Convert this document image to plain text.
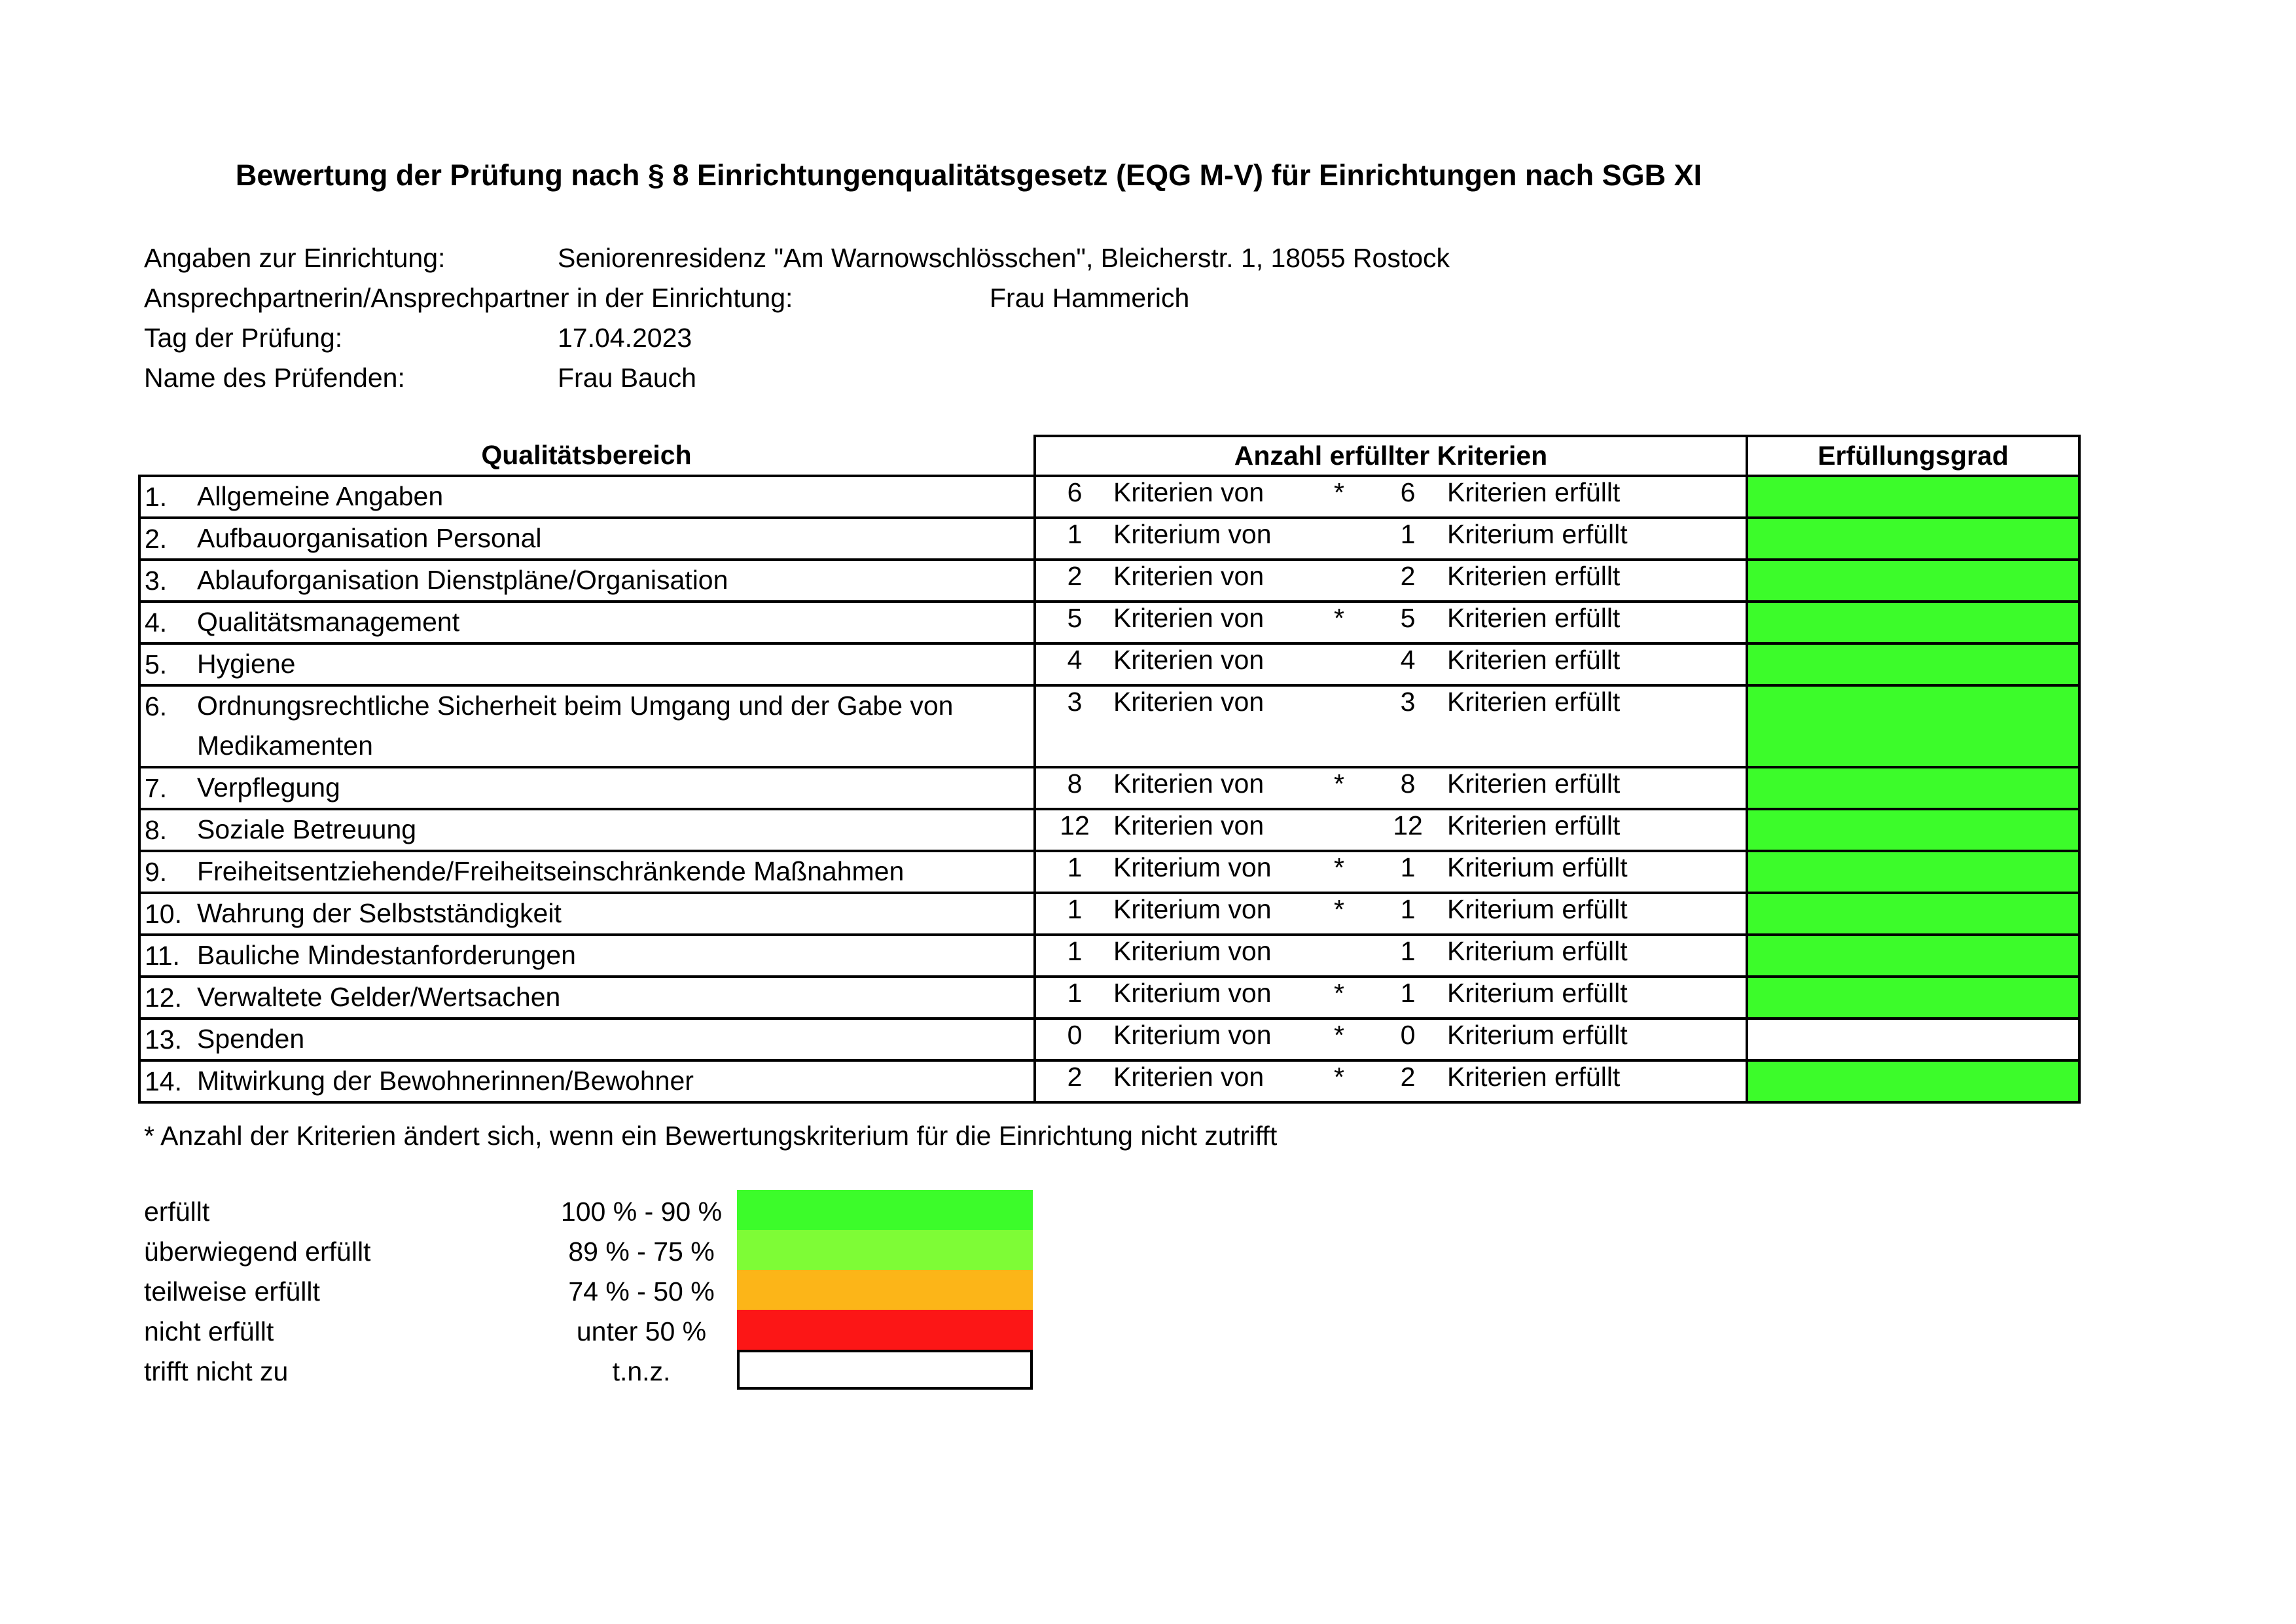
Bewertung der Prüfung nach § 8 Einrichtungenqualitätsgesetz (EQG M-V) für Einrichtungen nach SGB XI
Angaben zur Einrichtung:	Seniorenresidenz "Am Warnowschlösschen", Bleicherstr. 1, 18055 Rostock
Ansprechpartnerin/Ansprechpartner in der Einrichtung:	Frau Hammerich
Tag der Prüfung:	17.04.2023
Name des Prüfenden:	Frau Bauch
Qualitätsbereich	Anzahl erfüllter Kriterien					Erfüllungsgrad

1. Allgemeine Angaben	6	Kriterien von	*	6	Kriterien erfüllt	

2. Aufbauorganisation Personal	1	Kriterium von		1	Kriterium erfüllt	

3. Ablauforganisation Dienstpläne/Organisation	2	Kriterien von		2	Kriterien erfüllt	

4. Qualitätsmanagement	5	Kriterien von	*	5	Kriterien erfüllt	

5. Hygiene	4	Kriterien von		4	Kriterien erfüllt	

6. Ordnungsrechtliche Sicherheit beim Umgang und der Gabe von Medikamenten	3	Kriterien von		3	Kriterien erfüllt	

7. Verpflegung	8	Kriterien von	*	8	Kriterien erfüllt	

8. Soziale Betreuung	12	Kriterien von		12	Kriterien erfüllt	

9. Freiheitsentziehende/Freiheitseinschränkende Maßnahmen	1	Kriterium von	*	1	Kriterium erfüllt	

10. Wahrung der Selbstständigkeit	1	Kriterium von	*	1	Kriterium erfüllt	

11. Bauliche Mindestanforderungen	1	Kriterium von		1	Kriterium erfüllt	

12. Verwaltete Gelder/Wertsachen	1	Kriterium von	*	1	Kriterium erfüllt	

13. Spenden	0	Kriterium von	*	0	Kriterium erfüllt	

14. Mitwirkung der Bewohnerinnen/Bewohner	2	Kriterien von	*	2	Kriterien erfüllt	
* Anzahl der Kriterien ändert sich, wenn ein Bewertungskriterium für die Einrichtung nicht zutrifft
erfüllt	100 % - 90 %
überwiegend erfüllt	89 % - 75 %
teilweise erfüllt	74 % - 50 %
nicht erfüllt	unter 50 %
trifft nicht zu	t.n.z.
